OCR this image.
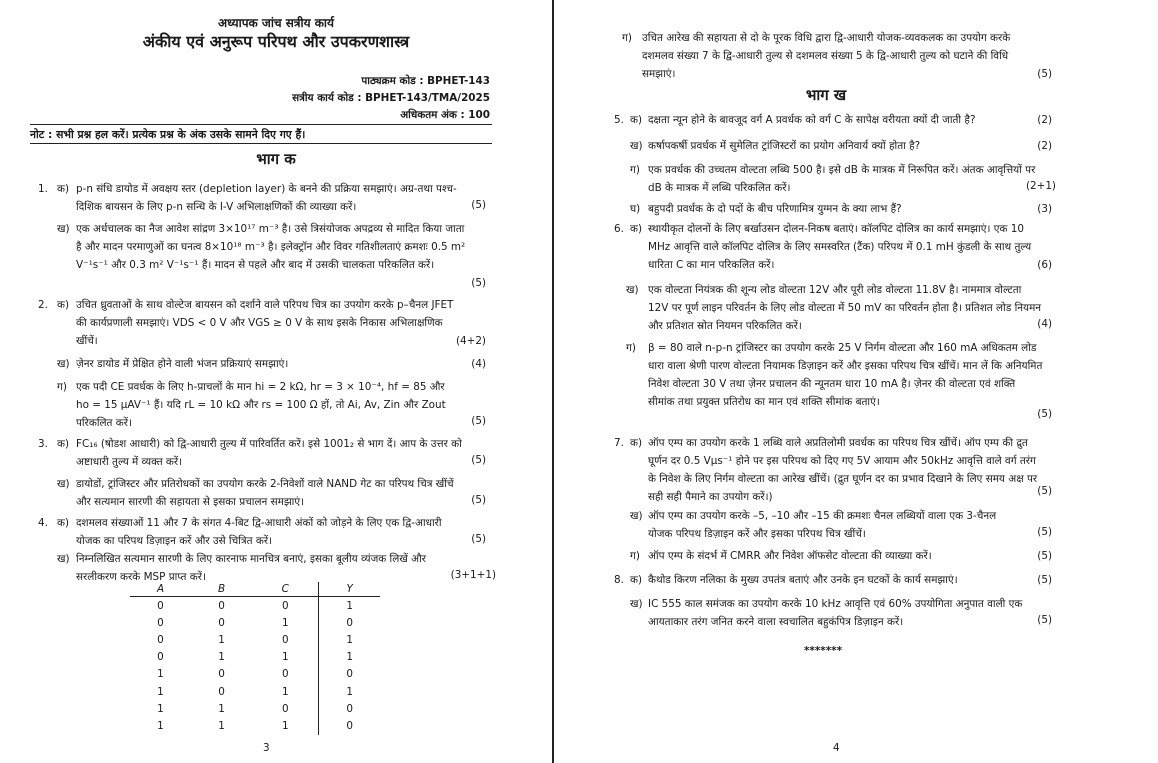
अध्यापक जांच सत्रीय कार्य
अंकीय एवं अनुरूप परिपथ और उपकरणशास्त्र
पाठ्यक्रम कोड : BPHET-143
सत्रीय कार्य कोड : BPHET-143/TMA/2025
अधिकतम अंक : 100
नोट : सभी प्रश्न हल करें। प्रत्येक प्रश्न के अंक उसके सामने दिए गए हैं।
भाग क
1. क) p-n संधि डायोड में अवक्षय स्तर (depletion layer) के बनने की प्रक्रिया समझाएं। अग्र-तथा पश्च-दिशिक बायसन के लिए p-n सन्धि के I-V अभिलाक्षणिकों की व्याख्या करें।	(5)
ख) एक अर्धचालक का नैज आवेश सांद्रण 3×10¹⁷ m⁻³ है। उसे त्रिसंयोजक अपद्रव्य से मादित किया जाता है और मादन परमाणुओं का घनत्व 8×10¹⁸ m⁻³ है। इलेक्ट्रॉन और विवर गतिशीलताएं क्रमशः 0.5 m² V⁻¹s⁻¹ और 0.3 m² V⁻¹s⁻¹ हैं। मादन से पहले और बाद में उसकी चालकता परिकलित करें।
(5)
2. क) उचित ध्रुवताओं के साथ वोल्टेज बायसन को दर्शाने वाले परिपथ चित्र का उपयोग करके p–चैनल JFET की कार्यप्रणाली समझाएं। VDS < 0 V और VGS ≥ 0 V के साथ इसके निकास अभिलाक्षणिक खींचें।	(4+2)
ख) ज़ेनर डायोड में प्रेक्षित होने वाली भंजन प्रक्रियाएं समझाएं।	(4)
ग) एक पदी CE प्रवर्धक के लिए h-प्राचलों के मान hi = 2 kΩ, hr = 3 × 10⁻⁴, hf = 85 और ho = 15 μAV⁻¹ हैं। यदि rL = 10 kΩ और rs = 100 Ω हों, तो Ai, Av, Zin और Zout परिकलित करें।	(5)
3. क) FC₁₆ (षोडश आधारी) को द्वि-आधारी तुल्य में पारिवर्तित करें। इसे 1001₂ से भाग दें। आप के उत्तर को अष्टाधारी तुल्य में व्यक्त करें।	(5)
ख) डायोडों, ट्रांजिस्टर और प्रतिरोधकों का उपयोग करके 2-निवेशों वाले NAND गेट का परिपथ चित्र खींचें और सत्यमान सारणी की सहायता से इसका प्रचालन समझाएं।	(5)
4. क) दशमलव संख्याओं 11 और 7 के संगत 4-बिट द्वि-आधारी अंकों को जोड़ने के लिए एक द्वि-आधारी योजक का परिपथ डिज़ाइन करें और उसे चित्रित करें।	(5)
ख) निम्नलिखित सत्यमान सारणी के लिए कारनाफ मानचित्र बनाएं, इसका बूलीय व्यंजक लिखें और सरलीकरण करके MSP प्राप्त करें।	(3+1+1)
A	B	C	Y
0	0	0	1
0	0	1	0
0	1	0	1
0	1	1	1
1	0	0	0
1	0	1	1
1	1	0	0
1	1	1	0
3
ग) उचित आरेख की सहायता से दो के पूरक विधि द्वारा द्वि-आधारी योजक-व्यवकलक का उपयोग करके दशमलव संख्या 7 के द्वि-आधारी तुल्य से दशमलव संख्या 5 के द्वि-आधारी तुल्य को घटाने की विधि समझाएं।	(5)
भाग ख
5. क) दक्षता न्यून होने के बावजूद वर्ग A प्रवर्धक को वर्ग C के सापेक्ष वरीयता क्यों दी जाती है?	(2)
ख) कर्षापकर्षी प्रवर्धक में सुमेलित ट्रांजिस्टरों का प्रयोग अनिवार्य क्यों होता है?	(2)
ग) एक प्रवर्धक की उच्चतम वोल्टता लब्धि 500 है। इसे dB के मात्रक में निरूपित करें। अंतक आवृत्तियों पर dB के मात्रक में लब्धि परिकलित करें।	(2+1)
घ) बहुपदी प्रवर्धक के दो पदों के बीच परिणामित्र युग्मन के क्या लाभ हैं?	(3)
6. क) स्थायीकृत दोलनों के लिए बर्खाउसन दोलन-निकष बताएं। कॉलपिट दोलित्र का कार्य समझाएं। एक 10 MHz आवृत्ति वाले कॉलपिट दोलित्र के लिए समस्वरित (टैंक) परिपथ में 0.1 mH कुंडली के साथ तुल्य धारिता C का मान परिकलित करें।	(6)
ख) एक वोल्टता नियंत्रक की शून्य लोड वोल्टता 12V और पूरी लोड वोल्टता 11.8V है। नाममात्र वोल्टता 12V पर पूर्ण लाइन परिवर्तन के लिए लोड वोल्टता में 50 mV का परिवर्तन होता है। प्रतिशत लोड नियमन और प्रतिशत स्रोत नियमन परिकलित करें।	(4)
ग) β = 80 वाले n-p-n ट्रांजिस्टर का उपयोग करके 25 V निर्गम वोल्टता और 160 mA अधिकतम लोड धारा वाला श्रेणी पारण वोल्टता नियामक डिज़ाइन करें और इसका परिपथ चित्र खींचें। मान लें कि अनियमित निवेश वोल्टता 30 V तथा ज़ेनर प्रचालन की न्यूनतम धारा 10 mA है। ज़ेनर की वोल्टता एवं शक्ति सीमांक तथा प्रयुक्त प्रतिरोध का मान एवं शक्ति सीमांक बताएं।
(5)
7. क) ऑप एम्प का उपयोग करके 1 लब्धि वाले अप्रतिलोमी प्रवर्धक का परिपथ चित्र खींचें। ऑप एम्प की द्रुत घूर्णन दर 0.5 Vμs⁻¹ होने पर इस परिपथ को दिए गए 5V आयाम और 50kHz आवृत्ति वाले वर्ग तरंग के निवेश के लिए निर्गम वोल्टता का आरेख खींचें। (द्रुत घूर्णन दर का प्रभाव दिखाने के लिए समय अक्ष पर सही सही पैमाने का उपयोग करें।)	(5)
ख) ऑप एम्प का उपयोग करके –5, –10 और –15 की क्रमशः चैनल लब्धियों वाला एक 3-चैनल योजक परिपथ डिज़ाइन करें और इसका परिपथ चित्र खींचें।	(5)
ग) ऑप एम्प के संदर्भ में CMRR और निवेश ऑफसेट वोल्टता की व्याख्या करें।	(5)
8. क) कैथोड किरण नलिका के मुख्य उपतंत्र बताएं और उनके इन घटकों के कार्य समझाएं।	(5)
ख) IC 555 काल समंजक का उपयोग करके 10 kHz आवृत्ति एवं 60% उपयोगिता अनुपात वाली एक आयताकार तरंग जनित करने वाला स्वचालित बहुकंपित्र डिज़ाइन करें।	(5)
*******
4
